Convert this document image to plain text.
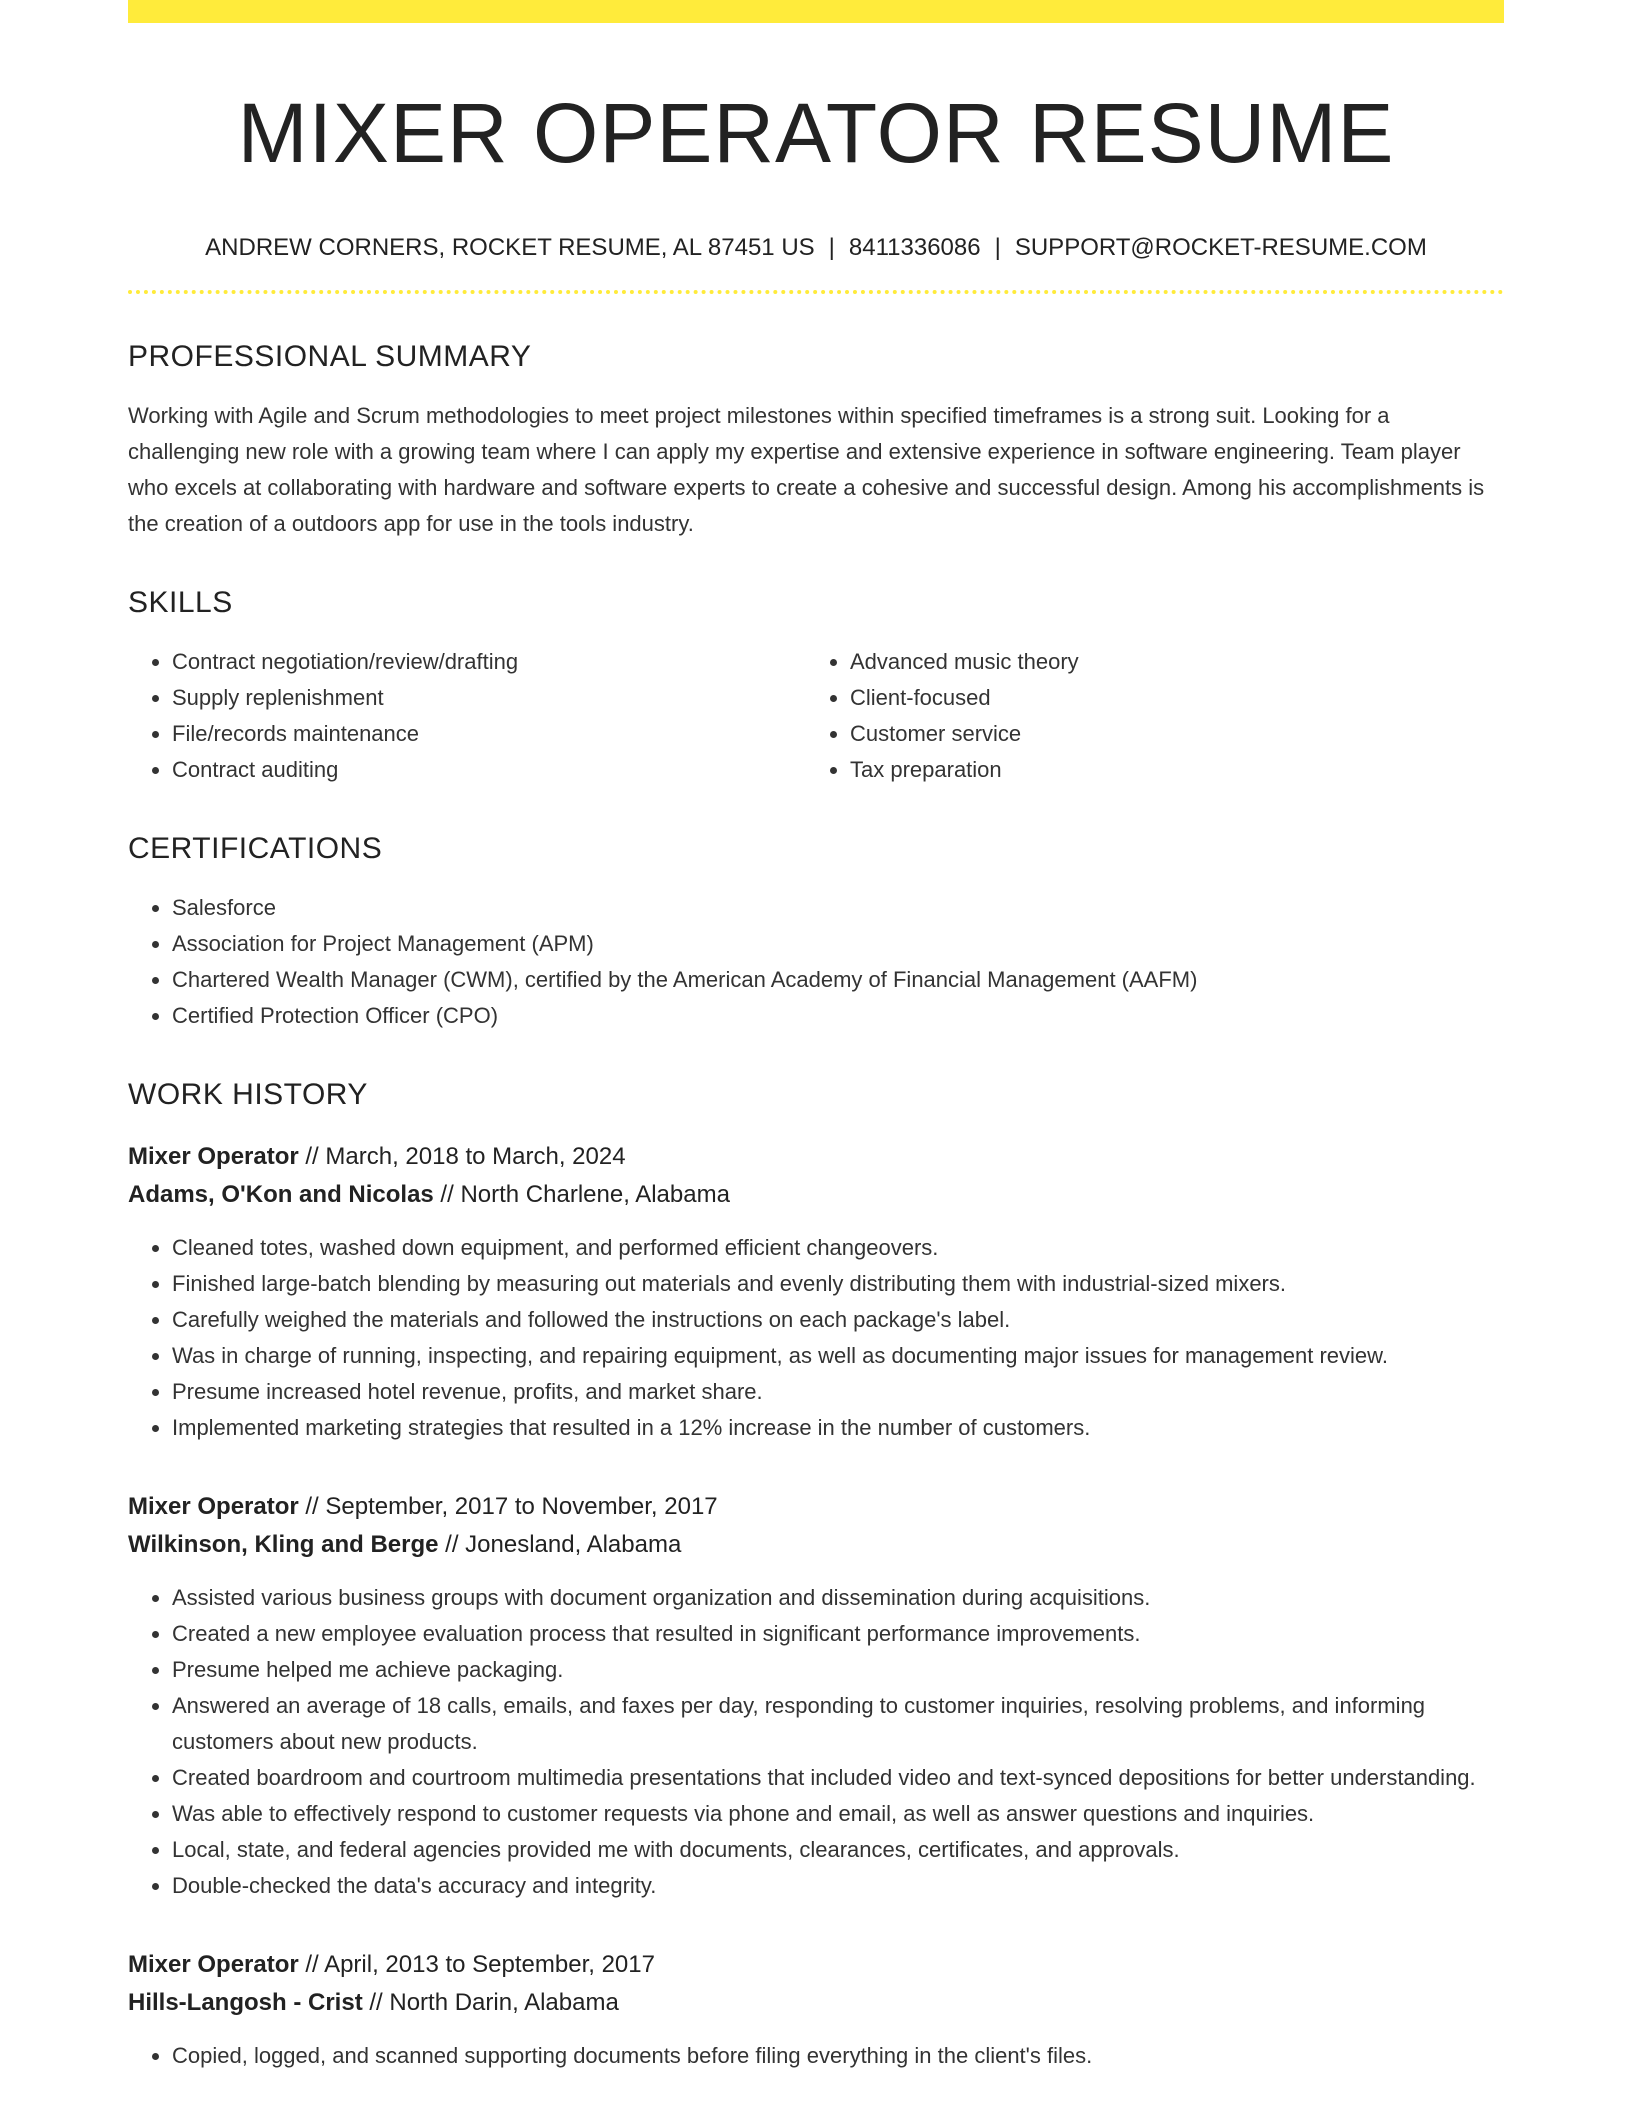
MIXER OPERATOR RESUME
ANDREW CORNERS, ROCKET RESUME, AL 87451 US | 8411336086 | SUPPORT@ROCKET-RESUME.COM
PROFESSIONAL SUMMARY

Working with Agile and Scrum methodologies to meet project milestones within specified timeframes is a strong suit. Looking for a challenging new role with a growing team where I can apply my expertise and extensive experience in software engineering. Team player who excels at collaborating with hardware and software experts to create a cohesive and successful design. Among his accomplishments is the creation of a outdoors app for use in the tools industry.

SKILLS
• Contract negotiation/review/drafting
• Supply replenishment
• File/records maintenance
• Contract auditing
• Advanced music theory
• Client-focused
• Customer service
• Tax preparation
CERTIFICATIONS
• Salesforce
• Association for Project Management (APM)
• Chartered Wealth Manager (CWM), certified by the American Academy of Financial Management (AAFM)
• Certified Protection Officer (CPO)
WORK HISTORY
Mixer Operator // March, 2018 to March, 2024
Adams, O'Kon and Nicolas // North Charlene, Alabama
• Cleaned totes, washed down equipment, and performed efficient changeovers.
• Finished large-batch blending by measuring out materials and evenly distributing them with industrial-sized mixers.
• Carefully weighed the materials and followed the instructions on each package's label.
• Was in charge of running, inspecting, and repairing equipment, as well as documenting major issues for management review.
• Presume increased hotel revenue, profits, and market share.
• Implemented marketing strategies that resulted in a 12% increase in the number of customers.
Mixer Operator // September, 2017 to November, 2017
Wilkinson, Kling and Berge // Jonesland, Alabama
• Assisted various business groups with document organization and dissemination during acquisitions.
• Created a new employee evaluation process that resulted in significant performance improvements.
• Presume helped me achieve packaging.
• Answered an average of 18 calls, emails, and faxes per day, responding to customer inquiries, resolving problems, and informing customers about new products.
• Created boardroom and courtroom multimedia presentations that included video and text-synced depositions for better understanding.
• Was able to effectively respond to customer requests via phone and email, as well as answer questions and inquiries.
• Local, state, and federal agencies provided me with documents, clearances, certificates, and approvals.
• Double-checked the data's accuracy and integrity.
Mixer Operator // April, 2013 to September, 2017
Hills-Langosh - Crist // North Darin, Alabama
• Copied, logged, and scanned supporting documents before filing everything in the client's files.
